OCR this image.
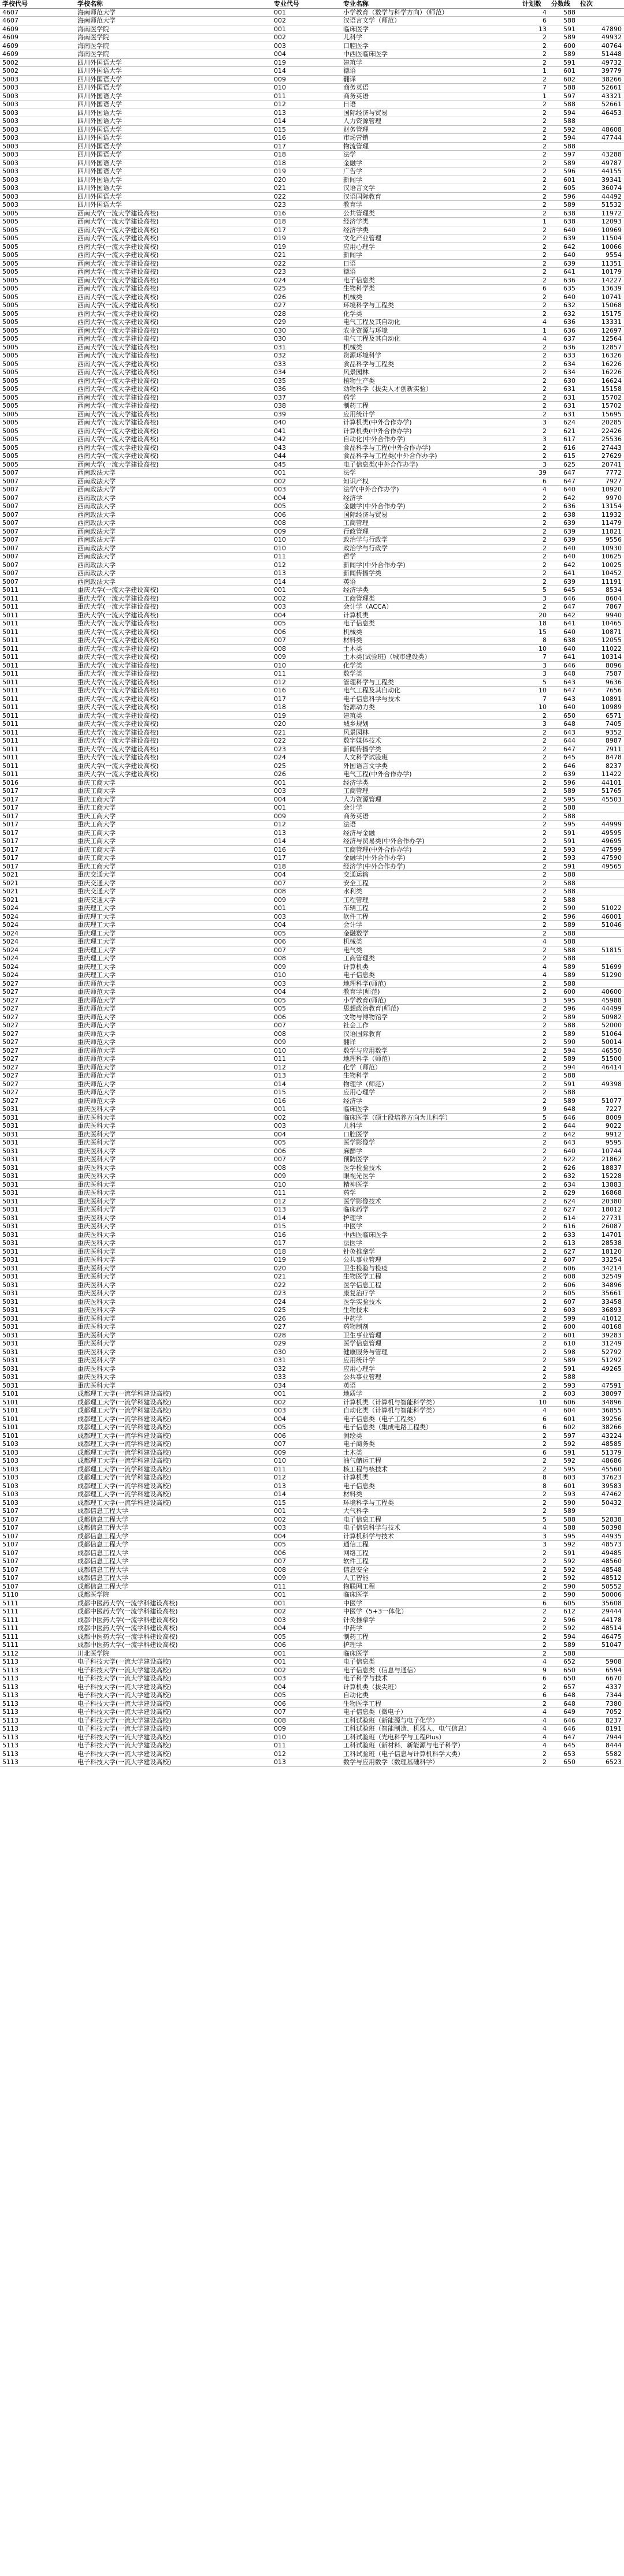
学校代号	学校名称	专业代号	专业名称	计划数	分数线	位次
4607	海南师范大学	001	小学教育（数学与科学方向）（师范）	4	588	
4607	海南师范大学	002	汉语言文学（师范）	6	588	
4609	海南医学院	001	临床医学	13	591	47890
4609	海南医学院	002	儿科学	2	589	49932
4609	海南医学院	003	口腔医学	2	600	40764
4609	海南医学院	004	中西医临床医学	2	589	51448
5002	四川外国语大学	019	建筑学	2	591	49732
5002	四川外国语大学	014	德语	1	601	39779
5003	四川外国语大学	009	翻译	2	602	38266
5003	四川外国语大学	010	商务英语	7	588	52661
5003	四川外国语大学	011	商务英语	1	597	43321
5003	四川外国语大学	012	日语	2	588	52661
5003	四川外国语大学	013	国际经济与贸易	2	594	46453
5003	四川外国语大学	014	人力资源管理	2	588	
5003	四川外国语大学	015	财务管理	2	592	48608
5003	四川外国语大学	016	市场营销	2	594	47744
5003	四川外国语大学	017	物流管理	2	588	
5003	四川外国语大学	018	法学	2	597	43288
5003	四川外国语大学	018	金融学	2	589	49787
5003	四川外国语大学	019	广告学	2	596	44155
5003	四川外国语大学	020	新闻学	2	601	39341
5003	四川外国语大学	021	汉语言文学	2	605	36074
5003	四川外国语大学	022	汉语国际教育	2	596	44492
5003	四川外国语大学	023	教育学	2	589	51532
5005	西南大学(一流大学建设高校)	016	公共管理类	2	638	11972
5005	西南大学(一流大学建设高校)	018	经济学类	1	638	12093
5005	西南大学(一流大学建设高校)	017	经济学类	2	640	10969
5005	西南大学(一流大学建设高校)	019	文化产业管理	2	639	11504
5005	西南大学(一流大学建设高校)	019	应用心理学	2	642	10066
5005	西南大学(一流大学建设高校)	021	新闻学	2	640	9554
5005	西南大学(一流大学建设高校)	022	日语	2	639	11351
5005	西南大学(一流大学建设高校)	023	德语	2	641	10179
5005	西南大学(一流大学建设高校)	024	电子信息类	2	636	14227
5005	西南大学(一流大学建设高校)	025	生物科学类	6	635	13639
5005	西南大学(一流大学建设高校)	026	机械类	2	640	10741
5005	西南大学(一流大学建设高校)	027	环境科学与工程类	2	632	15068
5005	西南大学(一流大学建设高校)	028	化学类	2	632	15175
5005	西南大学(一流大学建设高校)	029	电气工程及其自动化	4	636	13331
5005	西南大学(一流大学建设高校)	030	农业资源与环境	1	636	12697
5005	西南大学(一流大学建设高校)	030	电气工程及其自动化	4	637	12564
5005	西南大学(一流大学建设高校)	031	机械类	2	636	12857
5005	西南大学(一流大学建设高校)	032	资源环境科学	2	633	16326
5005	西南大学(一流大学建设高校)	033	食品科学与工程类	2	634	16226
5005	西南大学(一流大学建设高校)	034	风景园林	2	634	16226
5005	西南大学(一流大学建设高校)	035	植物生产类	2	630	16624
5005	西南大学(一流大学建设高校)	036	动物科学（拔尖人才创新实验）	2	631	15158
5005	西南大学(一流大学建设高校)	037	药学	2	631	15702
5005	西南大学(一流大学建设高校)	038	制药工程	2	631	15702
5005	西南大学(一流大学建设高校)	039	应用统计学	2	631	15695
5005	西南大学(一流大学建设高校)	040	计算机类(中外合作办学)	3	624	20285
5005	西南大学(一流大学建设高校)	041	计算机类(中外合作办学)	2	621	22426
5005	西南大学(一流大学建设高校)	042	自动化(中外合作办学)	3	617	25536
5005	西南大学(一流大学建设高校)	043	食品科学与工程(中外合作办学)	2	616	27443
5005	西南大学(一流大学建设高校)	044	食品科学与工程类(中外合作办学)	2	615	27629
5005	西南大学(一流大学建设高校)	045	电子信息类(中外合作办学)	3	625	20741
5007	西南政法大学	001	法学	39	647	7772
5007	西南政法大学	002	知识产权	6	647	7927
5007	西南政法大学	003	法学(中外合作办学)	4	640	10920
5007	西南政法大学	004	经济学	2	642	9970
5007	西南政法大学	005	金融学(中外合作办学)	2	636	13154
5007	西南政法大学	006	国际经济与贸易	2	638	11932
5007	西南政法大学	008	工商管理	2	639	11479
5007	西南政法大学	009	行政管理	2	639	11821
5007	西南政法大学	010	政治学与行政学	2	639	9556
5007	西南政法大学	010	政治学与行政学	2	640	10930
5007	西南政法大学	011	哲学	2	640	10625
5007	西南政法大学	012	新闻学(中外合作办学)	2	642	10025
5007	西南政法大学	013	新闻传播学类	2	641	10452
5007	西南政法大学	014	英语	2	639	11191
5011	重庆大学(一流大学建设高校)	001	经济学类	5	645	8534
5011	重庆大学(一流大学建设高校)	002	工商管理类	3	646	8604
5011	重庆大学(一流大学建设高校)	003	会计学（ACCA）	2	647	7867
5011	重庆大学(一流大学建设高校)	004	计算机类	20	642	9940
5011	重庆大学(一流大学建设高校)	005	电子信息类	18	641	10465
5011	重庆大学(一流大学建设高校)	006	机械类	15	640	10871
5011	重庆大学(一流大学建设高校)	007	材料类	8	638	12055
5011	重庆大学(一流大学建设高校)	008	土木类	10	640	11022
5011	重庆大学(一流大学建设高校)	009	土木类(试验班)（城市建设类）	7	641	10314
5011	重庆大学(一流大学建设高校)	010	化学类	3	646	8096
5011	重庆大学(一流大学建设高校)	011	数学类	3	648	7587
5011	重庆大学(一流大学建设高校)	012	管理科学与工程类	5	643	9636
5011	重庆大学(一流大学建设高校)	016	电气工程及其自动化	10	647	7656
5011	重庆大学(一流大学建设高校)	017	电子信息科学与技术	7	643	10891
5011	重庆大学(一流大学建设高校)	018	能源动力类	10	640	10989
5011	重庆大学(一流大学建设高校)	019	建筑类	2	650	6571
5011	重庆大学(一流大学建设高校)	020	城乡规划	3	648	7405
5011	重庆大学(一流大学建设高校)	021	风景园林	2	643	9352
5011	重庆大学(一流大学建设高校)	022	数字媒体技术	2	644	8987
5011	重庆大学(一流大学建设高校)	023	新闻传播学类	2	647	7911
5011	重庆大学(一流大学建设高校)	024	人文科学试验班	2	645	8478
5011	重庆大学(一流大学建设高校)	025	外国语言文学类	2	646	8237
5011	重庆大学(一流大学建设高校)	026	电气工程(中外合作办学)	2	639	11422
5016	重庆工商大学	001	经济学类	2	596	44101
5017	重庆工商大学	003	工商管理	2	589	51765
5017	重庆工商大学	004	人力资源管理	2	595	45503
5017	重庆工商大学	001	会计学	2	588	
5017	重庆工商大学	009	商务英语	2	588	
5017	重庆工商大学	012	法语	2	595	44999
5017	重庆工商大学	013	经济与金融	2	591	49595
5017	重庆工商大学	014	经济与贸易类(中外合作办学)	2	591	49695
5017	重庆工商大学	016	工商管理(中外合作办学)	2	593	47599
5017	重庆工商大学	017	金融学(中外合作办学)	2	593	47590
5017	重庆工商大学	018	经济学(中外合作办学)	2	591	49565
5021	重庆交通大学	004	交通运输	2	588	
5021	重庆交通大学	007	安全工程	2	588	
5021	重庆交通大学	008	水利类	2	588	
5021	重庆交通大学	009	工程管理	2	588	
5024	重庆理工大学	001	车辆工程	2	590	51022
5024	重庆理工大学	003	软件工程	2	596	46001
5024	重庆理工大学	004	会计学	2	589	51046
5024	重庆理工大学	005	金融数学	2	588	
5024	重庆理工大学	006	机械类	4	588	
5024	重庆理工大学	007	电气类	2	588	51815
5024	重庆理工大学	008	工商管理类	2	588	
5024	重庆理工大学	009	计算机类	4	589	51699
5024	重庆理工大学	010	电子信息类	4	589	51290
5027	重庆师范大学	003	地理科学(师范)	2	588	
5027	重庆师范大学	004	教育学(师范)	2	600	40600
5027	重庆师范大学	005	小学教育(师范)	3	595	45988
5027	重庆师范大学	005	思想政治教育(师范)	2	596	44499
5027	重庆师范大学	006	文物与博物馆学	2	589	50982
5027	重庆师范大学	007	社会工作	2	588	52000
5027	重庆师范大学	008	汉语国际教育	2	589	51064
5027	重庆师范大学	009	翻译	2	590	50014
5027	重庆师范大学	010	数学与应用数学	2	594	46550
5027	重庆师范大学	011	地理科学（师范）	2	589	51500
5027	重庆师范大学	012	化学（师范）	2	594	46414
5027	重庆师范大学	013	生物科学	2	588	
5027	重庆师范大学	014	物理学（师范）	2	591	49398
5027	重庆师范大学	015	应用心理学	2	588	
5027	重庆师范大学	016	经济学	2	589	51077
5031	重庆医科大学	001	临床医学	9	648	7227
5031	重庆医科大学	002	临床医学（硕士段培养方向为儿科学）	5	646	8009
5031	重庆医科大学	003	儿科学	2	644	9022
5031	重庆医科大学	004	口腔医学	2	642	9912
5031	重庆医科大学	005	医学影像学	2	643	9595
5031	重庆医科大学	006	麻醉学	2	640	10744
5031	重庆医科大学	007	预防医学	2	622	21862
5031	重庆医科大学	008	医学检验技术	2	626	18837
5031	重庆医科大学	009	眼视光医学	2	632	15228
5031	重庆医科大学	010	精神医学	2	634	13883
5031	重庆医科大学	011	药学	2	629	16868
5031	重庆医科大学	012	医学影像技术	2	624	20380
5031	重庆医科大学	013	临床药学	2	627	18012
5031	重庆医科大学	014	护理学	2	614	27731
5031	重庆医科大学	015	中医学	2	616	26087
5031	重庆医科大学	016	中西医临床医学	2	633	14701
5031	重庆医科大学	017	法医学	2	613	28538
5031	重庆医科大学	018	针灸推拿学	2	627	18120
5031	重庆医科大学	019	公共事业管理	2	607	33254
5031	重庆医科大学	020	卫生检验与检疫	2	606	34214
5031	重庆医科大学	021	生物医学工程	2	608	32549
5031	重庆医科大学	022	医学信息工程	2	606	34896
5031	重庆医科大学	023	康复治疗学	2	605	35661
5031	重庆医科大学	024	医学实验技术	2	607	33458
5031	重庆医科大学	025	生物技术	2	603	36893
5031	重庆医科大学	026	中药学	2	599	41012
5031	重庆医科大学	027	药物制剂	2	600	40168
5031	重庆医科大学	028	卫生事业管理	2	601	39283
5031	重庆医科大学	029	医学信息管理	2	610	31249
5031	重庆医科大学	030	健康服务与管理	2	598	52792
5031	重庆医科大学	031	应用统计学	2	589	51292
5031	重庆医科大学	032	应用心理学	2	591	49265
5031	重庆医科大学	033	公共事业管理	2	588	
5031	重庆医科大学	034	英语	2	593	47591
5101	成都理工大学(一流学科建设高校)	001	地质学	2	603	38097
5101	成都理工大学(一流学科建设高校)	002	计算机类（计算机与智能科学类）	10	606	34896
5101	成都理工大学(一流学科建设高校)	003	自动化类（计算机与智能科学类）	4	604	36855
5101	成都理工大学(一流学科建设高校)	004	电子信息类（电子工程类）	6	601	39256
5101	成都理工大学(一流学科建设高校)	005	电子信息类（集成电路工程类）	6	602	38266
5101	成都理工大学(一流学科建设高校)	006	测绘类	2	597	43224
5103	成都理工大学(一流学科建设高校)	007	电子商务类	2	592	48585
5103	成都理工大学(一流学科建设高校)	009	土木类	6	591	51379
5103	成都理工大学(一流学科建设高校)	010	油气储运工程	2	592	48686
5103	成都理工大学(一流学科建设高校)	011	核工程与核技术	2	595	45560
5103	成都理工大学(一流学科建设高校)	012	计算机类	8	603	37623
5103	成都理工大学(一流学科建设高校)	013	电子信息类	8	601	39583
5103	成都理工大学(一流学科建设高校)	014	材料类	2	593	47462
5103	成都理工大学(一流学科建设高校)	015	环境科学与工程类	2	590	50432
5107	成都信息工程大学	001	大气科学	2	589	
5107	成都信息工程大学	002	电子信息工程	5	588	52838
5107	成都信息工程大学	003	电子信息科学与技术	4	588	50398
5107	成都信息工程大学	004	计算机科学与技术	3	595	44935
5107	成都信息工程大学	005	通信工程	3	592	48573
5107	成都信息工程大学	006	网络工程	2	591	49485
5107	成都信息工程大学	007	软件工程	2	592	48560
5107	成都信息工程大学	008	信息安全	2	592	48548
5107	成都信息工程大学	009	人工智能	2	592	48512
5107	成都信息工程大学	011	物联网工程	2	590	50552
5110	成都医学院	001	临床医学	2	590	50006
5111	成都中医药大学(一流学科建设高校)	001	中医学	6	605	35608
5111	成都中医药大学(一流学科建设高校)	002	中医学（5+3一体化）	2	612	29444
5111	成都中医药大学(一流学科建设高校)	003	针灸推拿学	2	596	44178
5111	成都中医药大学(一流学科建设高校)	004	中药学	2	592	48514
5111	成都中医药大学(一流学科建设高校)	005	制药工程	2	594	46475
5111	成都中医药大学(一流学科建设高校)	006	护理学	2	589	51047
5112	川北医学院	001	临床医学	2	588	
5113	电子科技大学(一流大学建设高校)	001	电子信息类	4	652	5908
5113	电子科技大学(一流大学建设高校)	002	电子信息类（信息与通信）	9	650	6594
5113	电子科技大学(一流大学建设高校)	003	电子科学与技术	6	650	6670
5113	电子科技大学(一流大学建设高校)	004	计算机类（拔尖班）	2	657	4337
5113	电子科技大学(一流大学建设高校)	005	自动化类	6	648	7344
5113	电子科技大学(一流大学建设高校)	006	生物医学工程	2	648	7380
5113	电子科技大学(一流大学建设高校)	007	电子信息类（微电子）	4	649	7052
5113	电子科技大学(一流大学建设高校)	008	工科试验班（新能源与电子化学）	4	646	8237
5113	电子科技大学(一流大学建设高校)	009	工科试验班（智能制造、机器人、电气信息）	4	646	8191
5113	电子科技大学(一流大学建设高校)	010	工科试验班（光电科学与工程Plus）	4	647	7944
5113	电子科技大学(一流大学建设高校)	011	工科试验班（新材料、新能源与电子科学）	4	645	8444
5113	电子科技大学(一流大学建设高校)	012	工科试验班（电子信息与计算机科学大类）	2	653	5582
5113	电子科技大学(一流大学建设高校)	013	数学与应用数学（数理基础科学）	2	650	6523
